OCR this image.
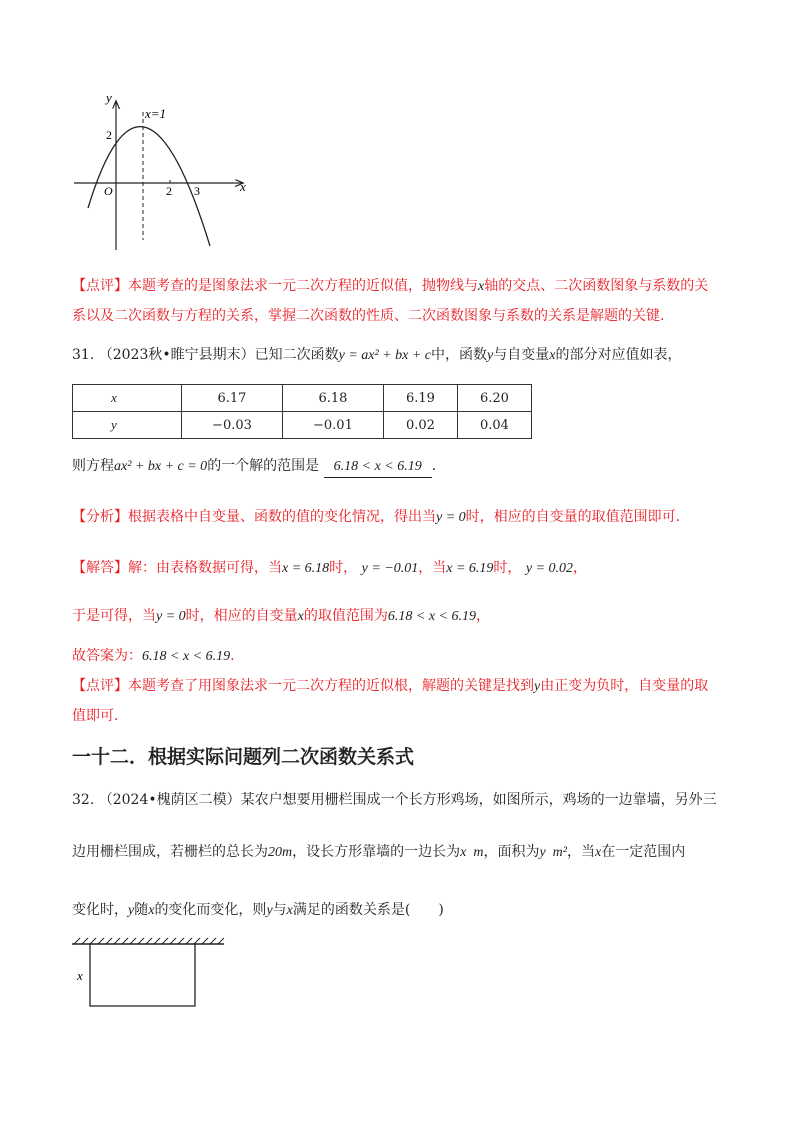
y
x
O
x=1
2
2 3
【点评】本题考查的是图象法求一元二次方程的近似值，抛物线与x轴的交点、二次函数图象与系数的关
系以及二次函数与方程的关系，掌握二次函数的性质、二次函数图象与系数的关系是解题的关键.
31. （2023秋•睢宁县期末）已知二次函数y = ax² + bx + c中，函数y与自变量x的部分对应值如表，
x	6.17	6.18	6.19	6.20
y	−0.03	−0.01	0.02	0.04
则方程ax² + bx + c = 0的一个解的范围是 6.18 < x < 6.19 .
【分析】根据表格中自变量、函数的值的变化情况，得出当y = 0时，相应的自变量的取值范围即可.
【解答】解：由表格数据可得，当x = 6.18时， y = −0.01，当x = 6.19时， y = 0.02，
于是可得，当y = 0时，相应的自变量x的取值范围为6.18 < x < 6.19，
故答案为：6.18 < x < 6.19.
【点评】本题考查了用图象法求一元二次方程的近似根，解题的关键是找到y由正变为负时，自变量的取
值即可.
一十二．根据实际问题列二次函数关系式
32. （2024•槐荫区二模）某农户想要用栅栏围成一个长方形鸡场，如图所示，鸡场的一边靠墙，另外三
边用栅栏围成，若栅栏的总长为20m，设长方形靠墙的一边长为x  m，面积为y  m²，当x在一定范围内
变化时，y随x的变化而变化，则y与x满足的函数关系是(　　)
x
